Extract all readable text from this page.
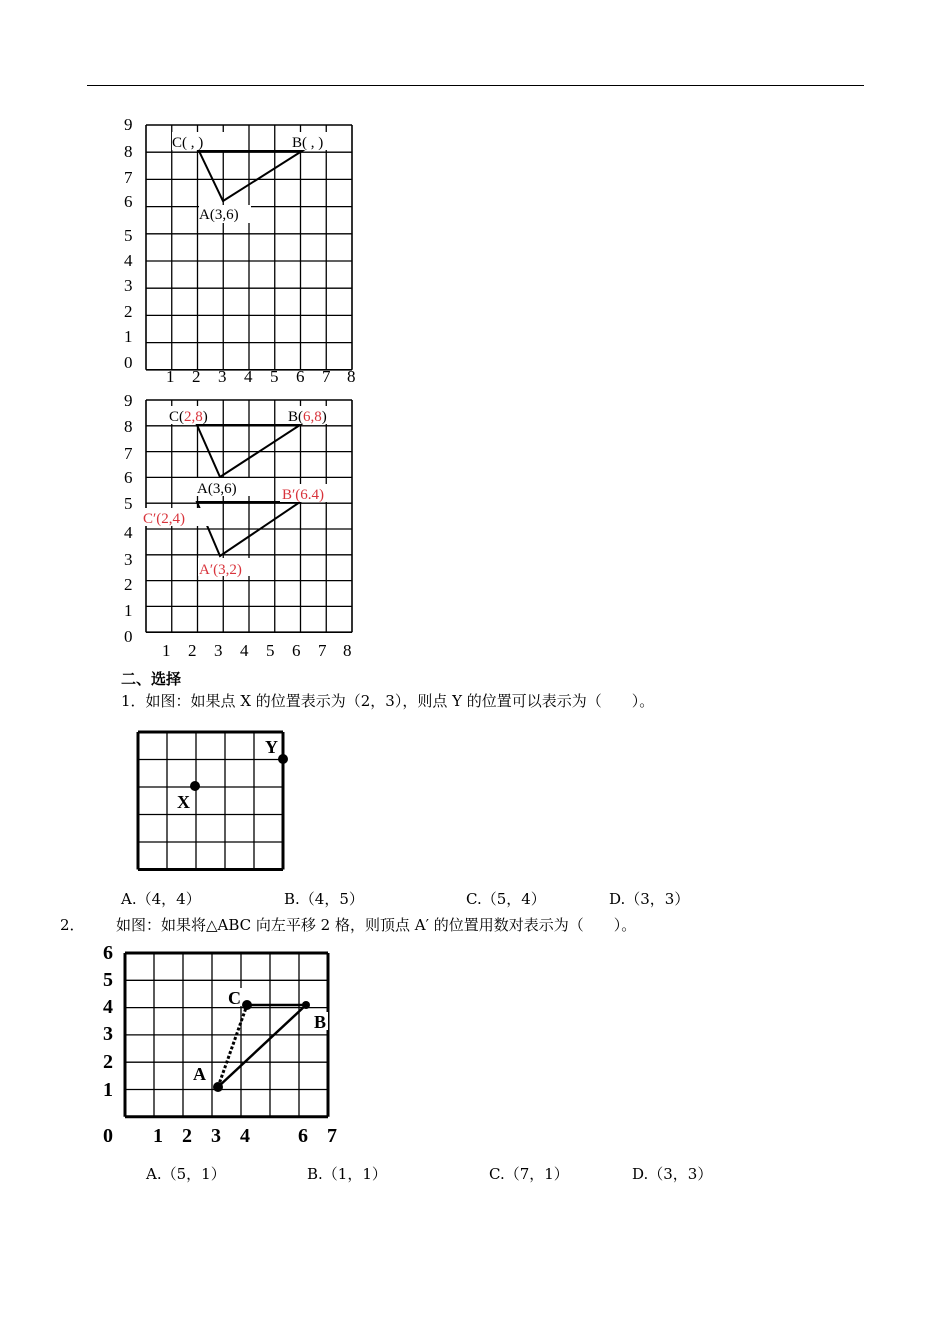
0
1
2
3
4
5
6
7
8
9
1 2 3 4 5 6 7 8
C( , )	B( , )
A(3,6)
0
1
2
3
4
5
6
7
8
9
1 2 3 4 5 6 7 8
C(2,8)	B(6,8)
A(3,6)	B′(6.4)
C′(2,4)
A′(3,2)
二、选择
1．如图：如果点 X 的位置表示为（2，3），则点 Y 的位置可以表示为（　　）。
X
Y
A.（4，4）	B.（4，5）	C.（5，4）	D.（3，3）
2． 如图：如果将△ABC 向左平移 2 格，则顶点 A′ 的位置用数对表示为（　　）。
C
B
A
0
1
2
3
4
5
6
1 2 3 4 6 7
A.（5，1）	B.（1，1）	C.（7，1）	D.（3，3）
